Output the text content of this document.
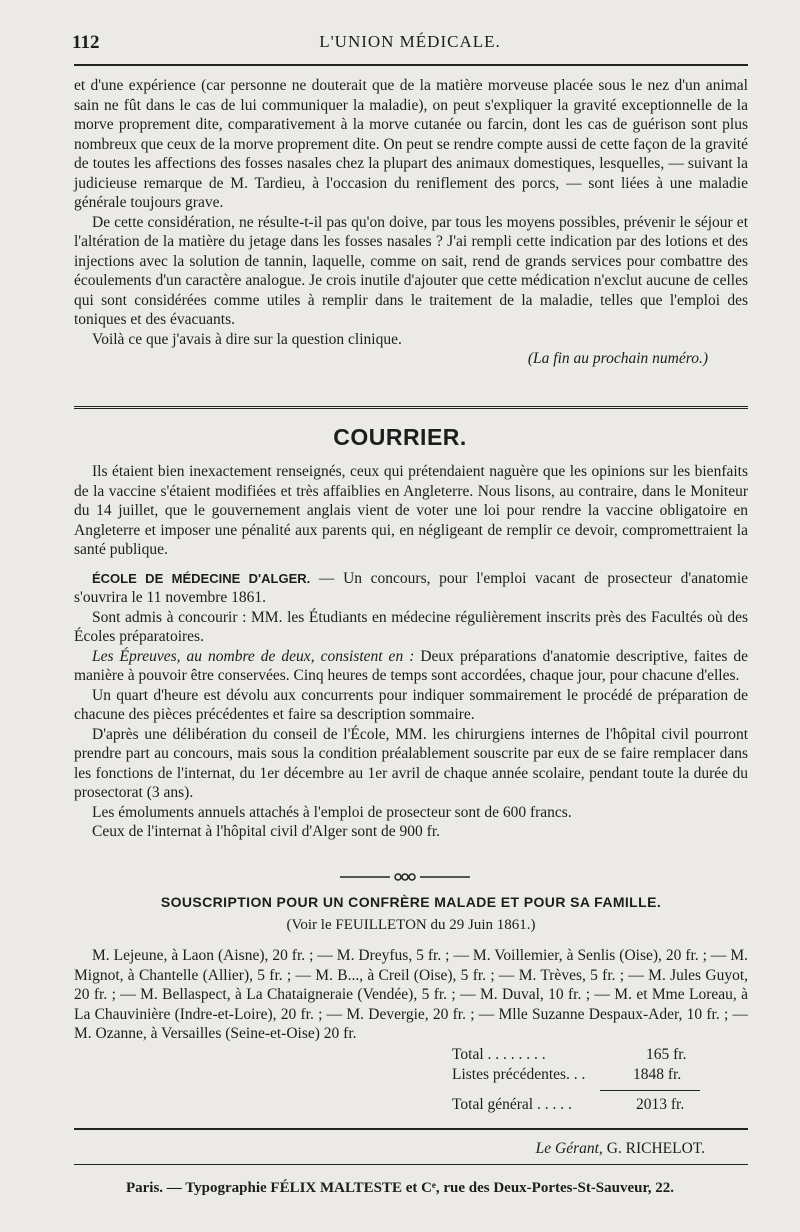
112	L'UNION MÉDICALE.

et d'une expérience (car personne ne douterait que de la matière morveuse placée sous le nez d'un animal sain ne fût dans le cas de lui communiquer la maladie), on peut s'expliquer la gravité exceptionnelle de la morve proprement dite, comparativement à la morve cutanée ou farcin, dont les cas de guérison sont plus nombreux que ceux de la morve proprement dite. On peut se rendre compte aussi de cette façon de la gravité de toutes les affections des fosses nasales chez la plupart des animaux domestiques, lesquelles, — suivant la judicieuse remarque de M. Tardieu, à l'occasion du reniflement des porcs, — sont liées à une maladie générale toujours grave.

De cette considération, ne résulte-t-il pas qu'on doive, par tous les moyens possibles, prévenir le séjour et l'altération de la matière du jetage dans les fosses nasales ? J'ai rempli cette indication par des lotions et des injections avec la solution de tannin, laquelle, comme on sait, rend de grands services pour combattre des écoulements d'un caractère analogue. Je crois inutile d'ajouter que cette médication n'exclut aucune de celles qui sont considérées comme utiles à remplir dans le traitement de la maladie, telles que l'emploi des toniques et des évacuants.

Voilà ce que j'avais à dire sur la question clinique.

(La fin au prochain numéro.)
COURRIER.

Ils étaient bien inexactement renseignés, ceux qui prétendaient naguère que les opinions sur les bienfaits de la vaccine s'étaient modifiées et très affaiblies en Angleterre. Nous lisons, au contraire, dans le Moniteur du 14 juillet, que le gouvernement anglais vient de voter une loi pour rendre la vaccine obligatoire en Angleterre et imposer une pénalité aux parents qui, en négligeant de remplir ce devoir, compromettraient la santé publique.

ÉCOLE DE MÉDECINE D'ALGER. — Un concours, pour l'emploi vacant de prosecteur d'anatomie s'ouvrira le 11 novembre 1861.

Sont admis à concourir : MM. les Étudiants en médecine régulièrement inscrits près des Facultés où des Écoles préparatoires.

Les Épreuves, au nombre de deux, consistent en : Deux préparations d'anatomie descriptive, faites de manière à pouvoir être conservées. Cinq heures de temps sont accordées, chaque jour, pour chacune d'elles.

Un quart d'heure est dévolu aux concurrents pour indiquer sommairement le procédé de préparation de chacune des pièces précédentes et faire sa description sommaire.

D'après une délibération du conseil de l'École, MM. les chirurgiens internes de l'hôpital civil pourront prendre part au concours, mais sous la condition préalablement souscrite par eux de se faire remplacer dans les fonctions de l'internat, du 1er décembre au 1er avril de chaque année scolaire, pendant toute la durée du prosectorat (3 ans).

Les émoluments annuels attachés à l'emploi de prosecteur sont de 600 francs.

Ceux de l'internat à l'hôpital civil d'Alger sont de 900 fr.

SOUSCRIPTION POUR UN CONFRÈRE MALADE ET POUR SA FAMILLE.
(Voir le FEUILLETON du 29 Juin 1861.)

M. Lejeune, à Laon (Aisne), 20 fr. ; — M. Dreyfus, 5 fr. ; — M. Voillemier, à Senlis (Oise), 20 fr. ; — M. Mignot, à Chantelle (Allier), 5 fr. ; — M. B..., à Creil (Oise), 5 fr. ; — M. Trèves, 5 fr. ; — M. Jules Guyot, 20 fr. ; — M. Bellaspect, à La Chataigneraie (Vendée), 5 fr. ; — M. Duval, 10 fr. ; — M. et Mme Loreau, à La Chauvinière (Indre-et-Loire), 20 fr. ; — M. Devergie, 20 fr. ; — Mlle Suzanne Despaux-Ader, 10 fr. ; — M. Ozanne, à Versailles (Seine-et-Oise) 20 fr.

Total . . . . . . . .	165 fr.
Listes précédentes. . .	1848 fr.
Total général . . . . .	2013 fr.
Le Gérant, G. RICHELOT.
Paris. — Typographie FÉLIX MALTESTE et Cᵉ, rue des Deux-Portes-St-Sauveur, 22.
